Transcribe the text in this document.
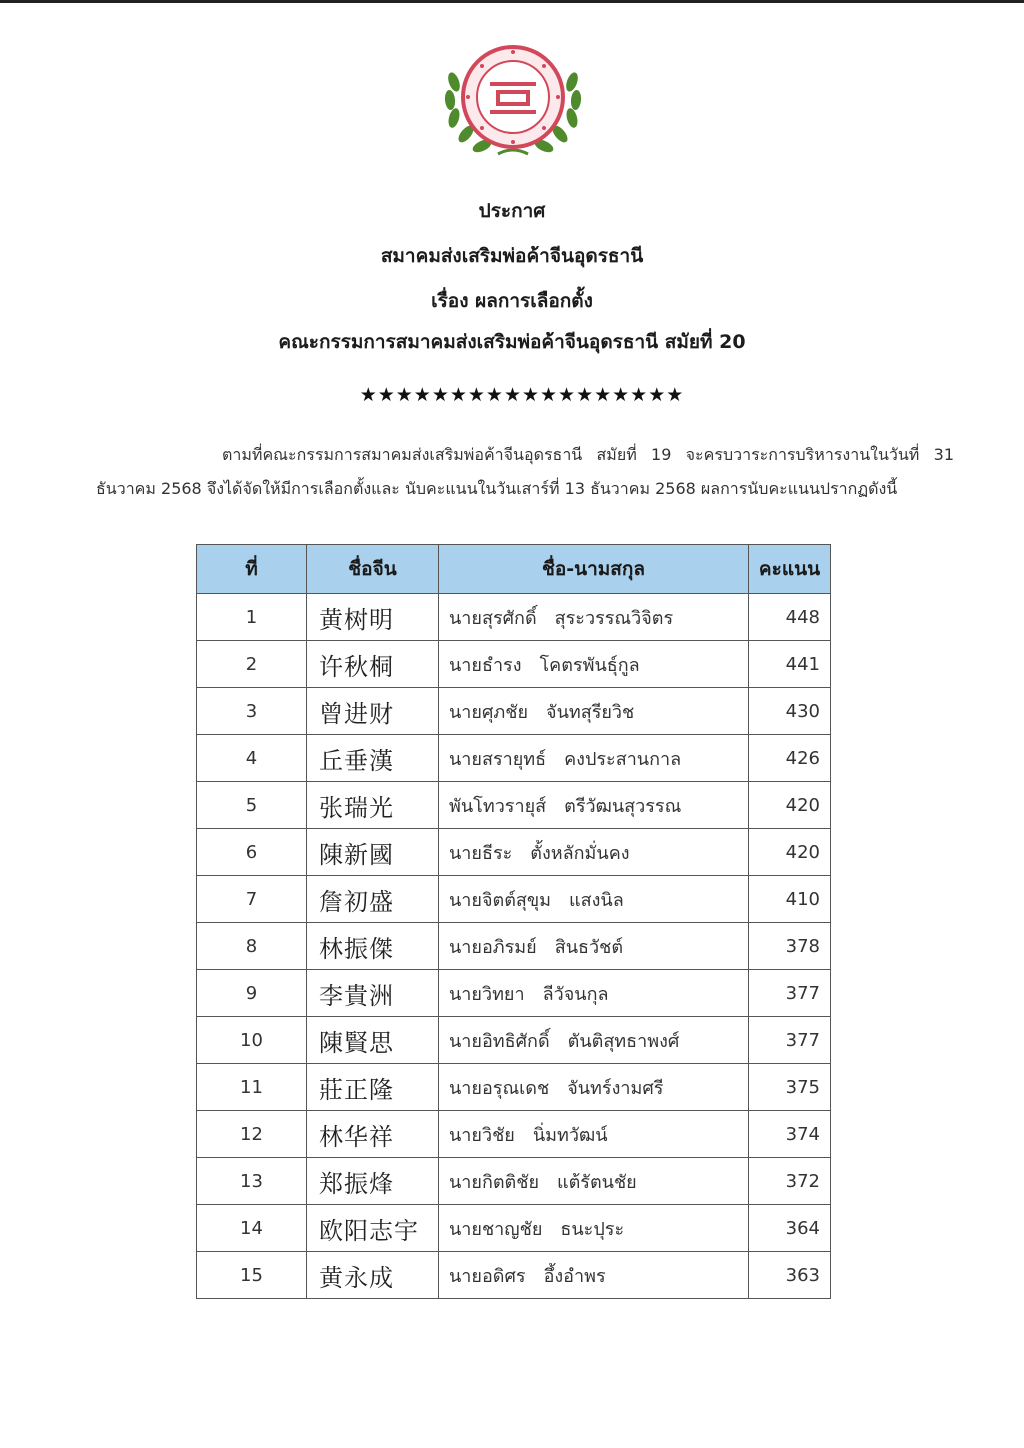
ประกาศ
สมาคมส่งเสริมพ่อค้าจีนอุดรธานี
เรื่อง ผลการเลือกตั้ง
คณะกรรมการสมาคมส่งเสริมพ่อค้าจีนอุดรธานี สมัยที่ 20
★★★★★★★★★★★★★★★★★★
ตามที่คณะกรรมการสมาคมส่งเสริมพ่อค้าจีนอุดรธานี สมัยที่ 19 จะครบวาระการบริหารงานในวันที่ 31 ธันวาคม 2568 จึงได้จัดให้มีการเลือกตั้งและ นับคะแนนในวันเสาร์ที่ 13 ธันวาคม 2568 ผลการนับคะแนนปรากฏดังนี้
ที่	ชื่อจีน	ชื่อ-นามสกุล	คะแนน
1	黄树明	นายสุรศักดิ์ สุระวรรณวิจิตร	448
2	许秋桐	นายธำรง โคตรพันธุ์กูล	441
3	曾进财	นายศุภชัย จันทสุรียวิช	430
4	丘垂漢	นายสรายุทธ์ คงประสานกาล	426
5	张瑞光	พันโทวรายุส์ ตรีวัฒนสุวรรณ	420
6	陳新國	นายธีระ ตั้งหลักมั่นคง	420
7	詹初盛	นายจิตต์สุขุม แสงนิล	410
8	林振傑	นายอภิรมย์ สินธวัชต์	378
9	李貴洲	นายวิทยา ลีวัจนกุล	377
10	陳賢思	นายอิทธิศักดิ์ ตันติสุทธาพงศ์	377
11	莊正隆	นายอรุณเดช จันทร์งามศรี	375
12	林华祥	นายวิชัย นิ่มทวัฒน์	374
13	郑振烽	นายกิตติชัย แต้รัตนชัย	372
14	欧阳志宇	นายชาญชัย ธนะปุระ	364
15	黄永成	นายอดิศร อึ้งอำพร	363
